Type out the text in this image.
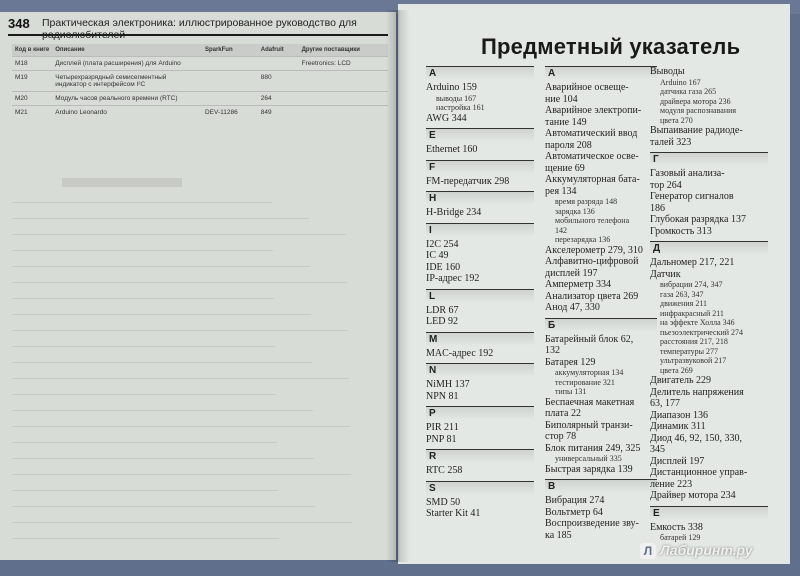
348 Практическая электроника: иллюстрированное руководство для радиолюбителей
Код в книге	Описание	SparkFun	Adafruit	Другие поставщики
M18	Дисплей (плата расширения) для Arduino			Freetronics: LCD
M19	Четырехразрядный семисегментный индикатор с интерфейсом I²C		880	
M20	Модуль часов реального времени (RTC)		264	
M21	Arduino Leonardo	DEV-11286	849	
Предметный указатель
A
Arduino 159
выводы 167
настройка 161
AWG 344
E
Ethernet 160
F
FM-передатчик 298
H
H-Bridge 234
I
I2C 254
IC 49
IDE 160
IP-адрес 192
L
LDR 67
LED 92
M
MAC-адрес 192
N
NiMH 137
NPN 81
P
PIR 211
PNP 81
R
RTC 258
S
SMD 50
Starter Kit 41
A
Аварийное освеще-
ние 104
Аварийное электропи-
тание 149
Автоматический ввод
пароля 208
Автоматическое осве-
щение 69
Аккумуляторная бата-
рея 134
время разряда 148
зарядка 136
мобильного телефона
142
перезарядка 136
Акселерометр 279, 310
Алфавитно-цифровой
дисплей 197
Амперметр 334
Анализатор цвета 269
Анод 47, 330
Б
Батарейный блок 62,
132
Батарея 129
аккумуляторная 134
тестирование 321
типы 131
Беспаечная макетная
плата 22
Биполярный транзи-
стор 78
Блок питания 249, 325
универсальный 335
Быстрая зарядка 139
В
Вибрация 274
Вольтметр 64
Воспроизведение зву-
ка 185
Выводы
Arduino 167
датчика газа 265
драйвера мотора 236
модуля распознавания
цвета 270
Выпаивание радиоде-
талей 323
Г
Газовый анализа-
тор 264
Генератор сигналов
186
Глубокая разрядка 137
Громкость 313
Д
Дальномер 217, 221
Датчик
вибрации 274, 347
газа 263, 347
движения 211
инфракрасный 211
на эффекте Холла 346
пьезоэлектрический 274
расстояния 217, 218
температуры 277
ультразвуковой 217
цвета 269
Двигатель 229
Делитель напряжения
63, 177
Диапазон 136
Динамик 311
Диод 46, 92, 150, 330,
345
Дисплей 197
Дистанционное управ-
ление 223
Драйвер мотора 234
Е
Емкость 338
батарей 129
Л Лабиринт.ру
